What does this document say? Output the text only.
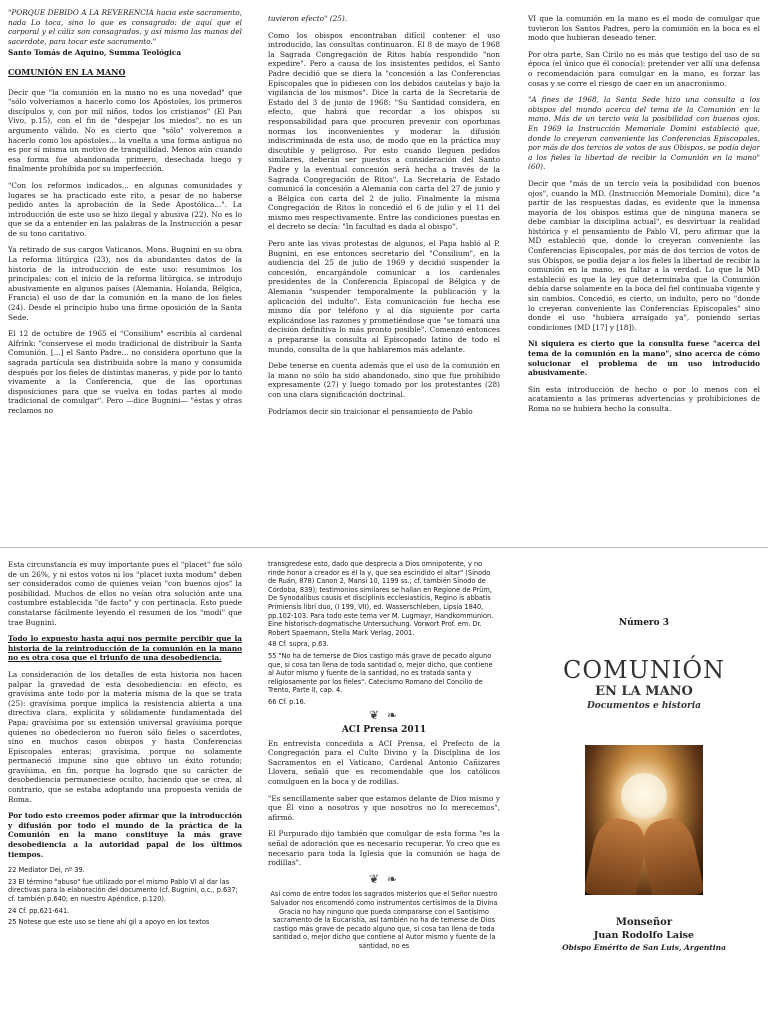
"PORQUE DEBIDO A LA REVERENCIA hacia este sacramento, nada Lo toca, sino lo que es consagrado: de aquí que el corporal y el cáliz son consagrados, y así mismo las manos del sacerdote, para tocar este sacramento."

Santo Tomás de Aquino, Summa Teológica

COMUNIÓN EN LA MANO

Decir que "la comunión en la mano no es una novedad" que "sólo volveríamos a hacerlo como los Apóstoles, los primeros discípulos y, con por mil niños, todos los cristianos" (El Pan Vivo, p.15), con el fin de "despejar los miedos", no es un argumento válido. No es cierto que "sólo" volveremos a hacerlo como los apóstoles... la vuelta a una forma antigua no es por sí misma un motivo de tranquilidad. Menos aún cuando esa forma fue abandonada primero, desechada luego y finalmente prohibida por su imperfección.

"Con los reformos indicados... en algunas comunidades y lugares se ha practicado este rito, a pesar de no haberse pedido antes la aprobación de la Sede Apostólica...". La introducción de este uso se hizo ilegal y abusiva (22). No es lo que se da a entender en las palabras de la Instrucción a pesar de su tono caritativo.

Ya retirado de sus cargos Vaticanos, Mons. Bugnini en su obra La reforma litúrgica (23), nos da abundantes datos de la historia de la introducción de este uso: resumimos los principales: con el inicio de la reforma litúrgica, se introdujo abusivamente en algunos países (Alemania, Holanda, Bélgica, Francia) el uso de dar la comunión en la mano de los fieles (24). Desde el principio hubo una firme oposición de la Santa Sede.

El 12 de octubre de 1965 el "Consilium" escribía al cardenal Alfrink: "conservese el modo tradicional de distribuir la Santa Comunión. [...] el Santo Padre... no considera oportuno que la sagrada partícula sea distribuida sobre la mano y consumida después por los fieles de distintas maneras, y pide por lo tanto vivamente a la Conferencia, que de las oportunas disposiciones para que se vuelva en todas partes al modo tradicional de comulgar". Pero —dice Bugnini— "éstas y otras reclamos no

tuvieron efecto" (25).

Como los obispos encontraban difícil contener el uso introducido, las consultas continuaron. El 8 de mayo de 1968 la Sagrada Congregación de Ritos había respondido "non expedire". Pero a causa de los insistentes pedidos, el Santo Padre decidió que se diera la "concesión a las Conferencias Episcopales que lo pidiesen con los debidos cautelas y bajo la vigilancia de los mismos". Dice la carta de la Secretaría de Estado del 3 de junio de 1968: "Su Santidad considera, en efecto, que habrá que recordar a los obispos su responsabilidad para que procuren prevenir con oportunas normas los inconvenientes y moderar la difusión indiscriminada de esta uso, de modo que en la práctica muy discutible y peligroso. Por esto cuando lleguen pedidos similares, deberán ser puestos a consideración del Santo Padre y la eventual concesión será hecha a través de la Sagrada Congregación de Ritos". La Secretaría de Estado comunicó la concesión a Alemania con carta del 27 de junio y a Bélgica con carta del 2 de julio. Finalmente la misma Congregación de Ritos lo concedió el 6 de julio y el 11 del mismo mes respectivamente. Entre las condiciones puestas en el decreto se decía: "In facultad es dada al obispo".

Pero ante las vivas protestas de algunos, el Papa habló al P. Bugnini, en ese entonces secretario del "Consilium", en la audiencia del 25 de julio de 1969 y decidió suspender la concesión, encargándole comunicar a los cardenales presidentes de la Conferencia Episcopal de Bélgica y de Alemania "suspender temporalmente la publicación y la aplicación del indulto". Esta comunicación fue hecha ese mismo día por teléfono y al día siguiente por carta explicándose las razones y prometiéndose que "se tomará una decisión definitiva lo más pronto posible". Comenzó entonces a prepararse la consulta al Episcopado latino de todo el mundo, consulta de la que hablaremos más adelante.

Debe tenerse en cuenta además que el uso de la comunión en la mano no sólo ha sido abandonado, sino que fue prohibido expresamente (27) y luego tomado por los protestantes (28) con una clara significación doctrinal.

Podríamos decir sin traicionar el pensamiento de Pablo

VI que la comunión en la mano es el modo de comulgar que tuvieron los Santos Padres, pero la comunión en la boca es el modo que hubieran deseado tener.

Por otra parte, San Cirilo no es más que testigo del uso de su época (el único que él conocía): pretender ver allí una defensa o recomendación para comulgar en la mano, es forzar las cosas y se corre el riesgo de caer en un anacronismo.

"A fines de 1968, la Santa Sede hizo una consulta a los obispos del mundo acerca del tema de la Comunión en la mano. Más de un tercio veía la posibilidad con buenos ojos. En 1969 la Instrucción Memoriale Domini estableció que, donde lo creyeran conveniente las Conferencias Episcopales, por más de dos tercios de votos de sus Obispos, se podía dejar a los fieles la libertad de recibir la Comunión en la mano" (60).

Decir que "más de un tercio veía la posibilidad con buenos ojos", cuando la MD. (Instrucción Memoriale Domini), dice "a partir de las respuestas dadas, es evidente que la inmensa mayoría de los obispos estima que de ninguna manera se debe cambiar la disciplina actual", es desvirtuar la realidad histórica y el pensamiento de Pablo VI, pero afirmar que la MD estableció que, donde lo creyeran conveniente las Conferencias Episcopales, por más de dos tercios de votos de sus Obispos, se podía dejar a los fieles la libertad de recibir la comunión en la mano, es faltar a la verdad. Lo que la MD estableció es que la ley que determinaba que la Comunión debía darse solamente en la boca del fiel continuaba vigente y sin cambios. Concedió, es cierto, un indulto, pero no "donde lo creyeran conveniente las Conferencias Episcopales" sino donde el uso "hubiera arraigado ya", poniendo serias condiciones (MD [17] y [18]).

Ni siquiera es cierto que la consulta fuese "acerca del tema de la comunión en la mano", sino acerca de cómo solucionar el problema de un uso introducido abusivamente.

Sin esta introducción de hecho o por lo menos con el acatamiento a las primeras advertencias y prohibiciones de Roma no se hubiera hecho la consulta.

Esta circunstancia es muy importante pues el "placet" fue sólo de un 26%, y ni estos votos ni los "placet iuxta modum" deben ser considerados como de quienes veían "con buenos ojos" la posibilidad. Muchos de ellos no veían otra solución ante una costumbre establecida "de facto" y con pertinacia. Esto puede constatarse fácilmente leyendo el resumen de los "modi" que trae Bugnini.

Todo lo expuesto hasta aquí nos permite percibir que la historia de la reintroducción de la comunión en la mano no es otra cosa que el triunfo de una desobediencia.

La consideración de los detalles de esta historia nos hacen palpar la gravedad de esta desobediencia: en efecto, es gravísima ante todo por la materia misma de la que se trata (25): gravísima porque implica la resistencia abierta a una directiva clara, explícita y sólidamente fundamentada del Papa; gravísima por su extensión universal gravísima porque quienes no obedecieron no fueron sólo fieles o sacerdotes, sino en muchos casos obispos y hasta Conferencias Episcopales enteras; gravísima, porque no solamente permaneció impune sino que obtuvo un éxito rotundo; gravísima, en fin, porque ha logrado que su carácter de desobediencia permaneciese oculto, haciendo que se crea, al contrario, que se estaba adoptando una propuesta venida de Roma.

Por todo esto creemos poder afirmar que la introducción y difusión por todo el mundo de la práctica de la Comunión en la mano constituye la más grave desobediencia a la autoridad papal de los últimos tiempos.

22 Mediator Dei, nº 39.

23 El término "abuso" fue utilizado por el mismo Pablo VI al dar las directivas para la elaboración del documento (cf. Bugnini, o.c., p.637; cf. también p.640; en nuestro Apéndice, p.120).

24 Cf. pp.621-641.

25 Notese que este uso se tiene ahí gil a apoyo en los textos

transgredese esto, dado que desprecia a Dios omnipotente, y no rinde honor a creador es él la y, que sea escindido el altar" (Sínodo de Ruán, 878) Canon 2, Mansi 10, 1199 ss.; cf. también Sínodo de Córdoba, 839); testimonios similares se hallan en Regíone de Prüm, De Synodalibus causis et disciplinis ecclesiasticis, Regino is abbatis Primiensis libri duo, (I 199, VII), ed. Wasserschleben, Lipsia 1840, pp.102-103. Para todo este tema ver M. Lugmayr, Handkommunion. Eine historisch-dogmatische Untersuchung. Vorwort Prof. em. Dr. Robert Spaemann, Stella Mark Verlag, 2001.

48 Cf. supra, p.63.

55 "No ha de temerse de Dios castigo más grave de pecado alguno que, si cosa tan llena de toda santidad o, mejor dicho, que contiene al Autor mismo y fuente de la santidad, no es tratada santa y religiosamente por los fieles". Catecismo Romano del Concilio de Trento, Parte II, cap. 4.

66 Cf. p.16.

❦ ❧

ACI Prensa 2011

En entrevista concedida a ACI Prensa, el Prefecto de la Congregación para el Culto Divino y la Disciplina de los Sacramentos en el Vaticano, Cardenal Antonio Cañizares Llovera, señaló que es recomendable que los católicos comulguen en la boca y de rodillas.

"Es sencillamente saber que estamos delante de Dios mismo y que Él vino a nosotros y que nosotros no lo merecemos", afirmó.

El Purpurado dijo también que comulgar de esta forma "es la señal de adoración que es necesario recuperar. Yo creo que es necesario para toda la Iglesia que la comunión se haga de rodillas".

❦ ❧

Así como de entre todos los sagrados misterios que el Señor nuestro Salvador nos encomendó como instrumentos certísimos de la Divina Gracia no hay ninguno que pueda compararse con el Santísimo sacramento de la Eucaristía, así también no ha de temerse de Dios castigo más grave de pecado alguno que, si cosa tan llena de toda santidad o, mejor dicho que contiene al Autor mismo y fuente de la santidad, no es

Número 3
COMUNIÓN
EN LA MANO
Documentos e historia
Monseñor
Juan Rodolfo Laise
Obispo Emérito de San Luis, Argentina
